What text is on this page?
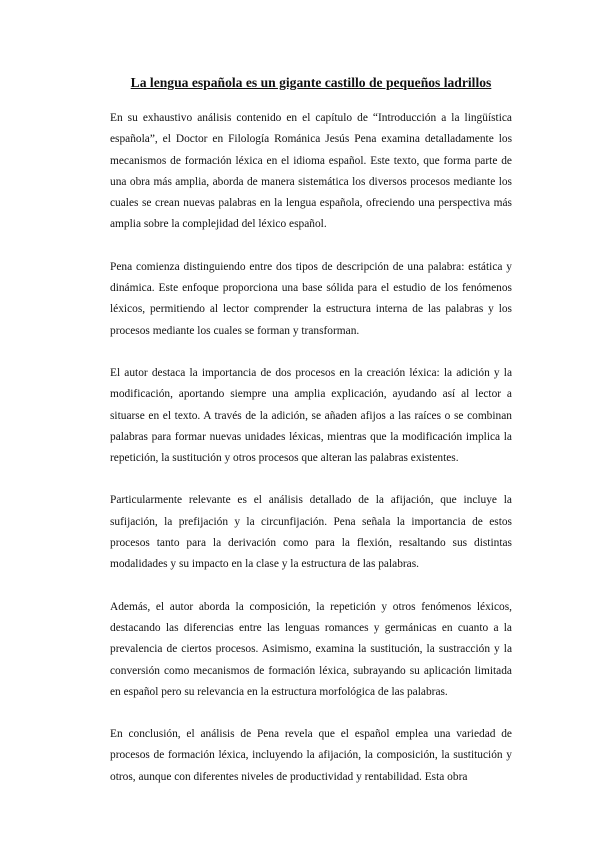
La lengua española es un gigante castillo de pequeños ladrillos

En su exhaustivo análisis contenido en el capítulo de “Introducción a la lingüística española”, el Doctor en Filología Románica Jesús Pena examina detalladamente los mecanismos de formación léxica en el idioma español. Este texto, que forma parte de una obra más amplia, aborda de manera sistemática los diversos procesos mediante los cuales se crean nuevas palabras en la lengua española, ofreciendo una perspectiva más amplia sobre la complejidad del léxico español.

Pena comienza distinguiendo entre dos tipos de descripción de una palabra: estática y dinámica. Este enfoque proporciona una base sólida para el estudio de los fenómenos léxicos, permitiendo al lector comprender la estructura interna de las palabras y los procesos mediante los cuales se forman y transforman.

El autor destaca la importancia de dos procesos en la creación léxica: la adición y la modificación, aportando siempre una amplia explicación, ayudando así al lector a situarse en el texto. A través de la adición, se añaden afijos a las raíces o se combinan palabras para formar nuevas unidades léxicas, mientras que la modificación implica la repetición, la sustitución y otros procesos que alteran las palabras existentes.

Particularmente relevante es el análisis detallado de la afijación, que incluye la sufijación, la prefijación y la circunfijación. Pena señala la importancia de estos procesos tanto para la derivación como para la flexión, resaltando sus distintas modalidades y su impacto en la clase y la estructura de las palabras.

Además, el autor aborda la composición, la repetición y otros fenómenos léxicos, destacando las diferencias entre las lenguas romances y germánicas en cuanto a la prevalencia de ciertos procesos. Asimismo, examina la sustitución, la sustracción y la conversión como mecanismos de formación léxica, subrayando su aplicación limitada en español pero su relevancia en la estructura morfológica de las palabras.

En conclusión, el análisis de Pena revela que el español emplea una variedad de procesos de formación léxica, incluyendo la afijación, la composición, la sustitución y otros, aunque con diferentes niveles de productividad y rentabilidad. Esta obra
